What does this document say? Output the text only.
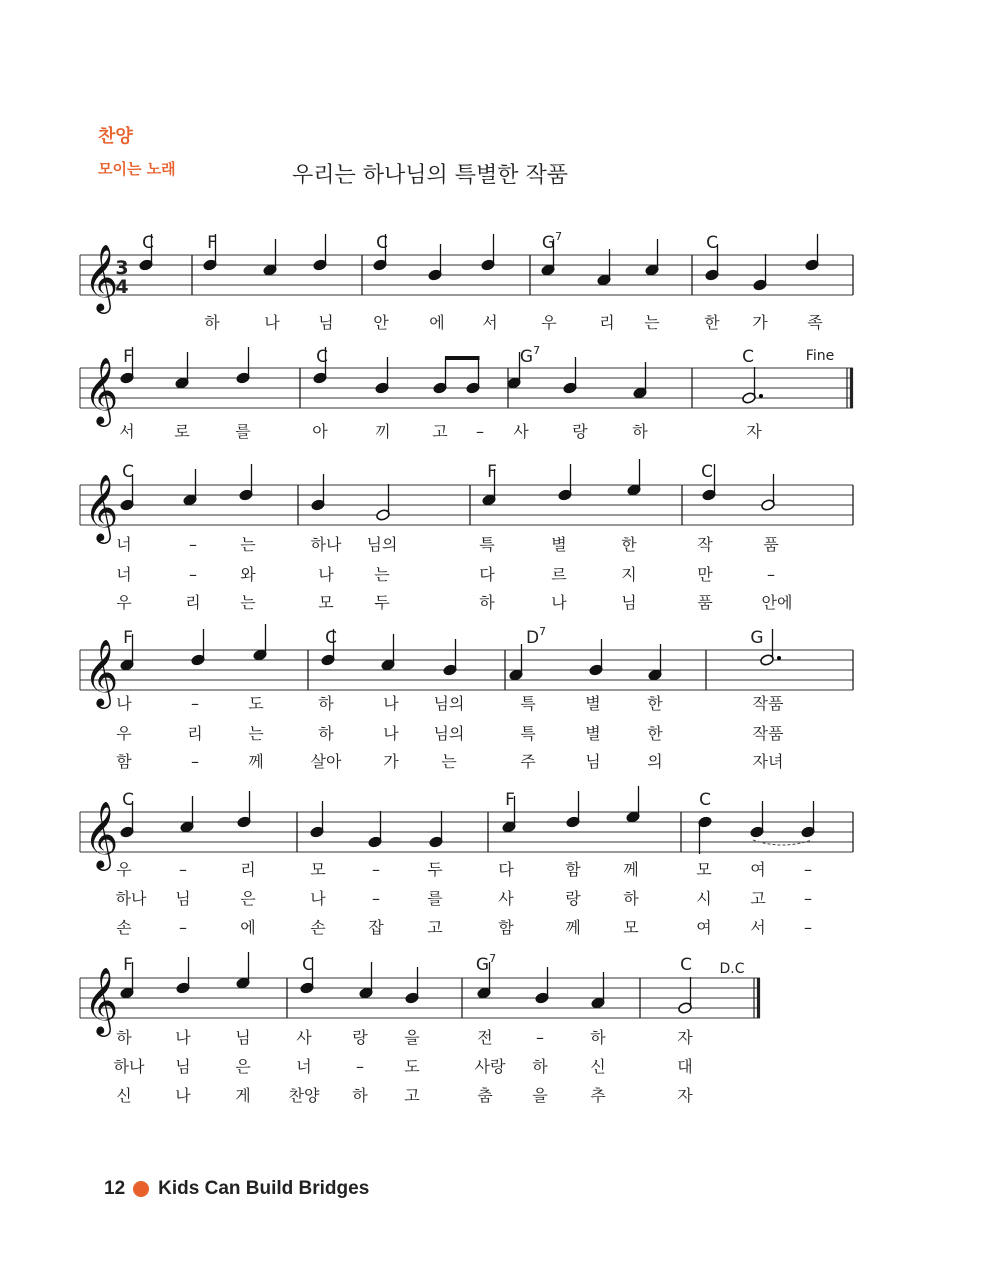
찬양
모이는 노래	우리는 하나님의 특별한 작품
𝄞
3
4
C	F	C	$G^7$	C
하	나 님 안	에 서	우	리 는	한 가 족
𝄞 F	C	$G^7$	C	Fine
서 로	를	아	끼	고 – 사	랑	하	자
𝄞
C	F	C
너	–	는	하나 님의	특	별	한	작	품
너	–	와	나	는	다	르	지	만	–
우	리 는	모	두	하	나	님	품	안에
𝄞 F	C	$D^7$	G
나	–	도	하	나 님의	특	별	한	작품
우	리	는	하	나 님의	특	별	한	작품
함	–	께	살아	가	는	주	님	의	자녀
𝄞 C	F	C
우	–	리	모	–	두	다	함	께	모 여 –
하나 님	은	나	–	를	사	랑	하	시 고 –
손	–	에	손	잡	고	함	께	모	여 서 –
𝄞
F	C	$G^7$	C D.C
하	나	님	사	랑 을	전	–	하	자
하나 님	은	너	–	도	사랑 하	신	대
신	나	게 찬양 하 고	춤 을	추	자
12 Kids Can Build Bridges
